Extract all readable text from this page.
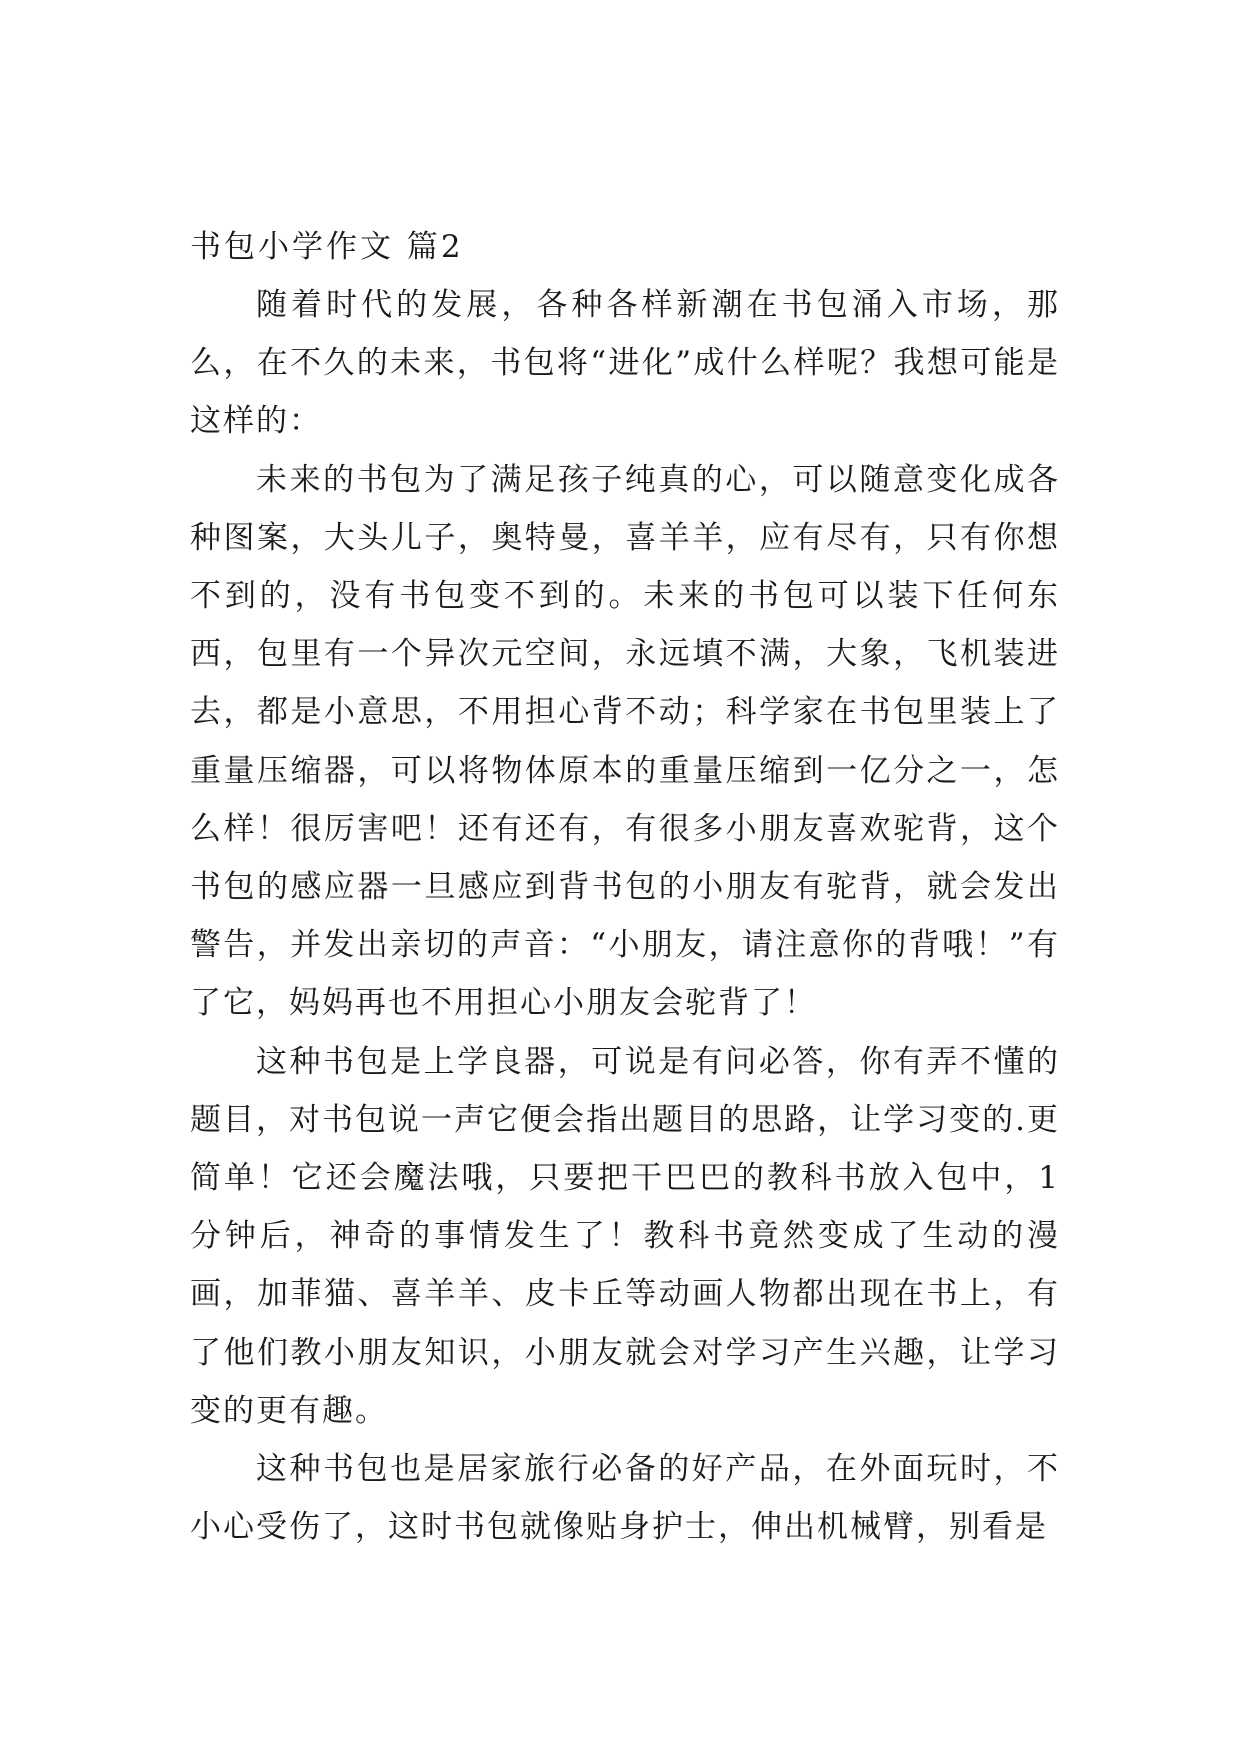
书包小学作文 篇2

随着时代的发展，各种各样新潮在书包涌入市场，那么，在不久的未来，书包将“进化”成什么样呢？我想可能是这样的：

未来的书包为了满足孩子纯真的心，可以随意变化成各种图案，大头儿子，奥特曼，喜羊羊，应有尽有，只有你想不到的，没有书包变不到的。未来的书包可以装下任何东西，包里有一个异次元空间，永远填不满，大象，飞机装进去，都是小意思，不用担心背不动；科学家在书包里装上了重量压缩器，可以将物体原本的重量压缩到一亿分之一，怎么样！很厉害吧！还有还有，有很多小朋友喜欢驼背，这个书包的感应器一旦感应到背书包的小朋友有驼背，就会发出警告，并发出亲切的声音：“小朋友，请注意你的背哦！”有了它，妈妈再也不用担心小朋友会驼背了！

这种书包是上学良器，可说是有问必答，你有弄不懂的题目，对书包说一声它便会指出题目的思路，让学习变的.更简单！它还会魔法哦，只要把干巴巴的教科书放入包中，1分钟后，神奇的事情发生了！教科书竟然变成了生动的漫画，加菲猫、喜羊羊、皮卡丘等动画人物都出现在书上，有了他们教小朋友知识，小朋友就会对学习产生兴趣，让学习变的更有趣。

这种书包也是居家旅行必备的好产品，在外面玩时，不小心受伤了，这时书包就像贴身护士，伸出机械臂，别看是
